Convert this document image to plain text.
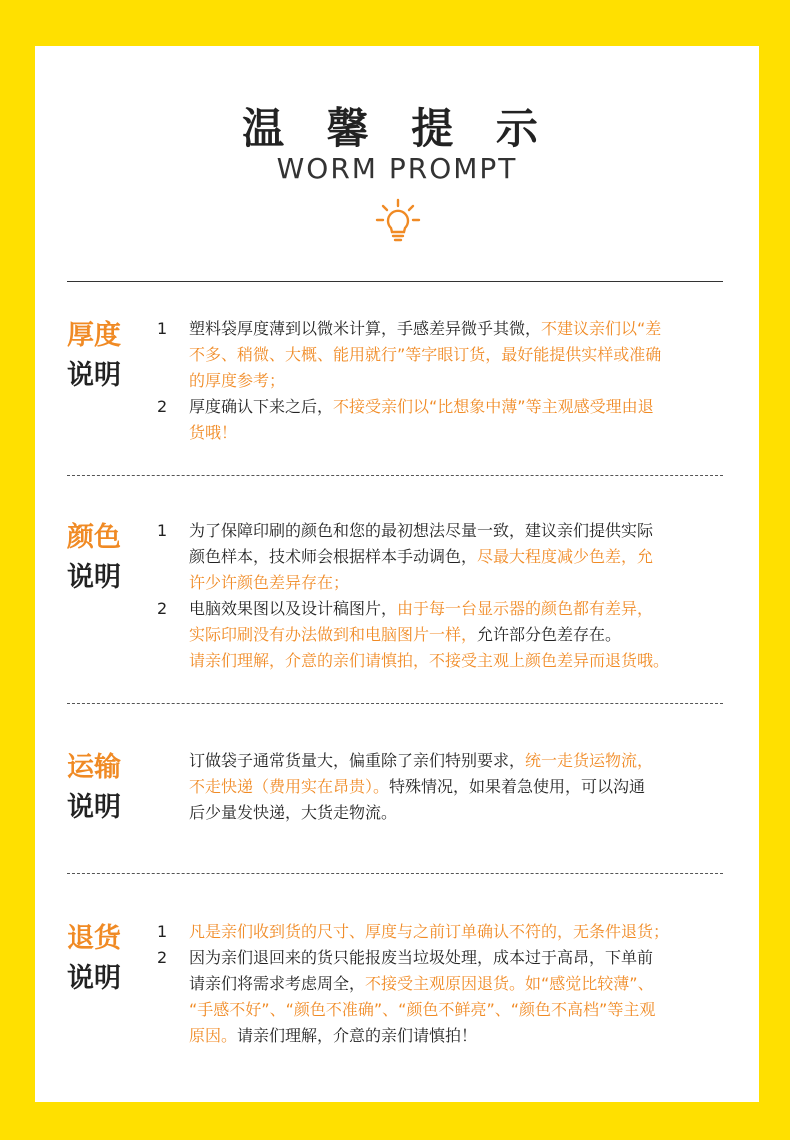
温 馨 提 示
WORM PROMPT
厚度
说明
1	塑料袋厚度薄到以微米计算，手感差异微乎其微，不建议亲们以“差
不多、稍微、大概、能用就行”等字眼订货，最好能提供实样或准确
的厚度参考；
2	厚度确认下来之后，不接受亲们以“比想象中薄”等主观感受理由退
货哦！
颜色
说明
1	为了保障印刷的颜色和您的最初想法尽量一致，建议亲们提供实际
颜色样本，技术师会根据样本手动调色，尽最大程度减少色差，允
许少许颜色差异存在；
2	电脑效果图以及设计稿图片，由于每一台显示器的颜色都有差异，
实际印刷没有办法做到和电脑图片一样，允许部分色差存在。
请亲们理解，介意的亲们请慎拍，不接受主观上颜色差异而退货哦。
运输
说明
订做袋子通常货量大，偏重除了亲们特别要求，统一走货运物流，
不走快递（费用实在昂贵）。特殊情况，如果着急使用，可以沟通
后少量发快递，大货走物流。
退货
说明
1	凡是亲们收到货的尺寸、厚度与之前订单确认不符的，无条件退货；
2	因为亲们退回来的货只能报废当垃圾处理，成本过于高昂，下单前
请亲们将需求考虑周全，不接受主观原因退货。如“感觉比较薄”、
“手感不好”、“颜色不准确”、“颜色不鲜亮”、“颜色不高档”等主观
原因。请亲们理解，介意的亲们请慎拍！
